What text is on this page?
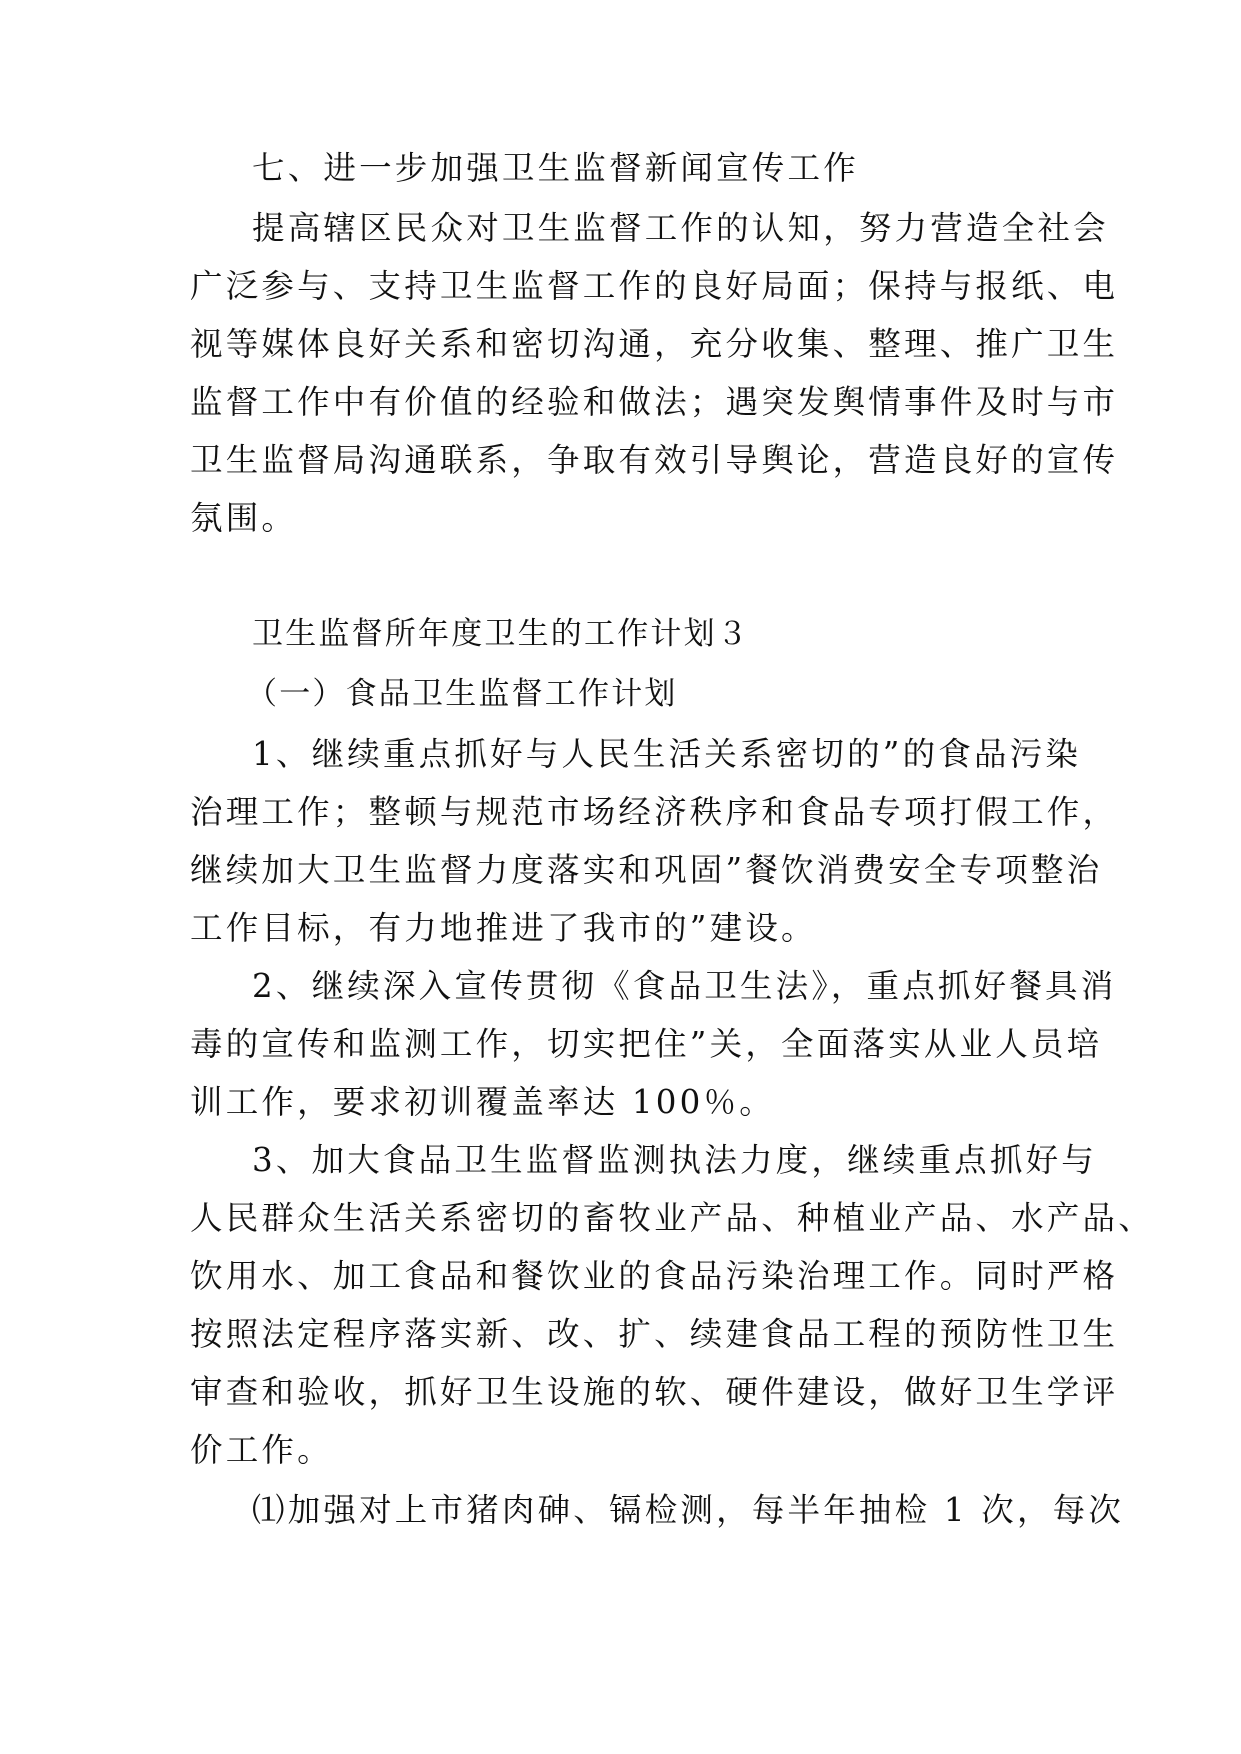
七、进一步加强卫生监督新闻宣传工作
提高辖区民众对卫生监督工作的认知，努力营造全社会
广泛参与、支持卫生监督工作的良好局面；保持与报纸、电
视等媒体良好关系和密切沟通，充分收集、整理、推广卫生
监督工作中有价值的经验和做法；遇突发舆情事件及时与市
卫生监督局沟通联系，争取有效引导舆论，营造良好的宣传
氛围。
卫生监督所年度卫生的工作计划３
（一）食品卫生监督工作计划
1、继续重点抓好与人民生活关系密切的”的食品污染
治理工作；整顿与规范市场经济秩序和食品专项打假工作，
继续加大卫生监督力度落实和巩固”餐饮消费安全专项整治
工作目标，有力地推进了我市的”建设。
2、继续深入宣传贯彻《食品卫生法》，重点抓好餐具消
毒的宣传和监测工作，切实把住”关，全面落实从业人员培
训工作，要求初训覆盖率达 100％。
3、加大食品卫生监督监测执法力度，继续重点抓好与
人民群众生活关系密切的畜牧业产品、种植业产品、水产品、
饮用水、加工食品和餐饮业的食品污染治理工作。同时严格
按照法定程序落实新、改、扩、续建食品工程的预防性卫生
审查和验收，抓好卫生设施的软、硬件建设，做好卫生学评
价工作。
⑴加强对上市猪肉砷、镉检测，每半年抽检 1 次，每次
